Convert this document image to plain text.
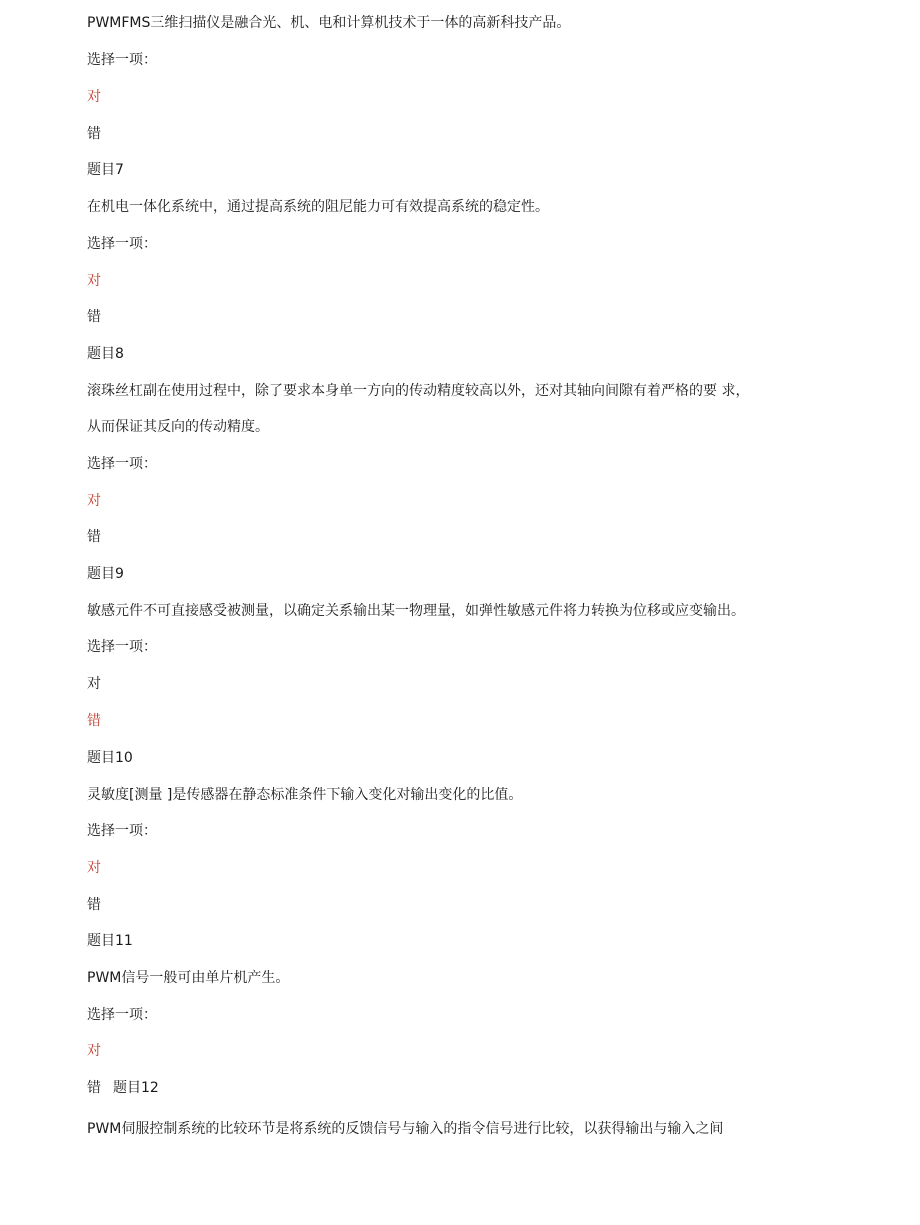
PWMFMS三维扫描仪是融合光、机、电和计算机技术于一体的高新科技产品。
选择一项：
对
错
题目7
在机电一体化系统中，通过提高系统的阻尼能力可有效提高系统的稳定性。
选择一项：
对
错
题目8
滚珠丝杠副在使用过程中，除了要求本身单一方向的传动精度较高以外，还对其轴向间隙有着严格的要 求，
从而保证其反向的传动精度。
选择一项：
对
错
题目9
敏感元件不可直接感受被测量，以确定关系输出某一物理量，如弹性敏感元件将力转换为位移或应变输出。
选择一项：
对
错
题目10
灵敏度[测量 ]是传感器在静态标准条件下输入变化对输出变化的比值。
选择一项：
对
错
题目11
PWM信号一般可由单片机产生。
选择一项：
对
错 题目12
PWM伺服控制系统的比较环节是将系统的反馈信号与输入的指令信号进行比较，以获得输出与输入之间
